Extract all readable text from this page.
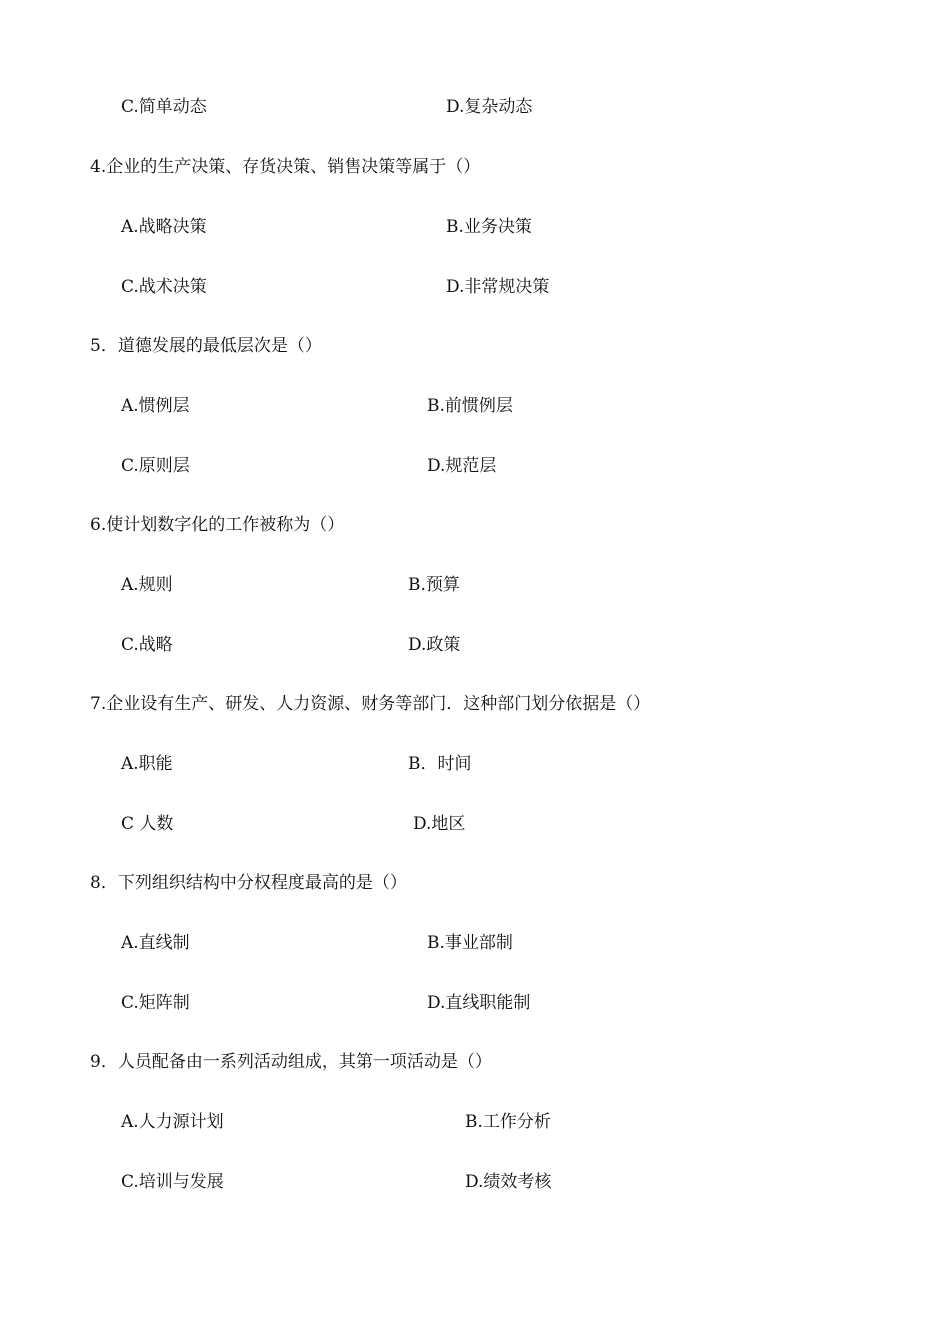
C.简单动态	D.复杂动态
4.企业的生产决策、存货决策、销售决策等属于（）
A.战略决策	B.业务决策
C.战术决策	D.非常规决策
5．道德发展的最低层次是（）
A.惯例层	B.前惯例层
C.原则层	D.规范层
6.使计划数字化的工作被称为（）
A.规则	B.预算
C.战略	D.政策
7.企业设有生产、研发、人力资源、财务等部门．这种部门划分依据是（）
A.职能	B．时间
C 人数	D.地区
8．下列组织结构中分权程度最高的是（）
A.直线制	B.事业部制
C.矩阵制	D.直线职能制
9．人员配备由一系列活动组成，其第一项活动是（）
A.人力源计划	B.工作分析
C.培训与发展	D.绩效考核
